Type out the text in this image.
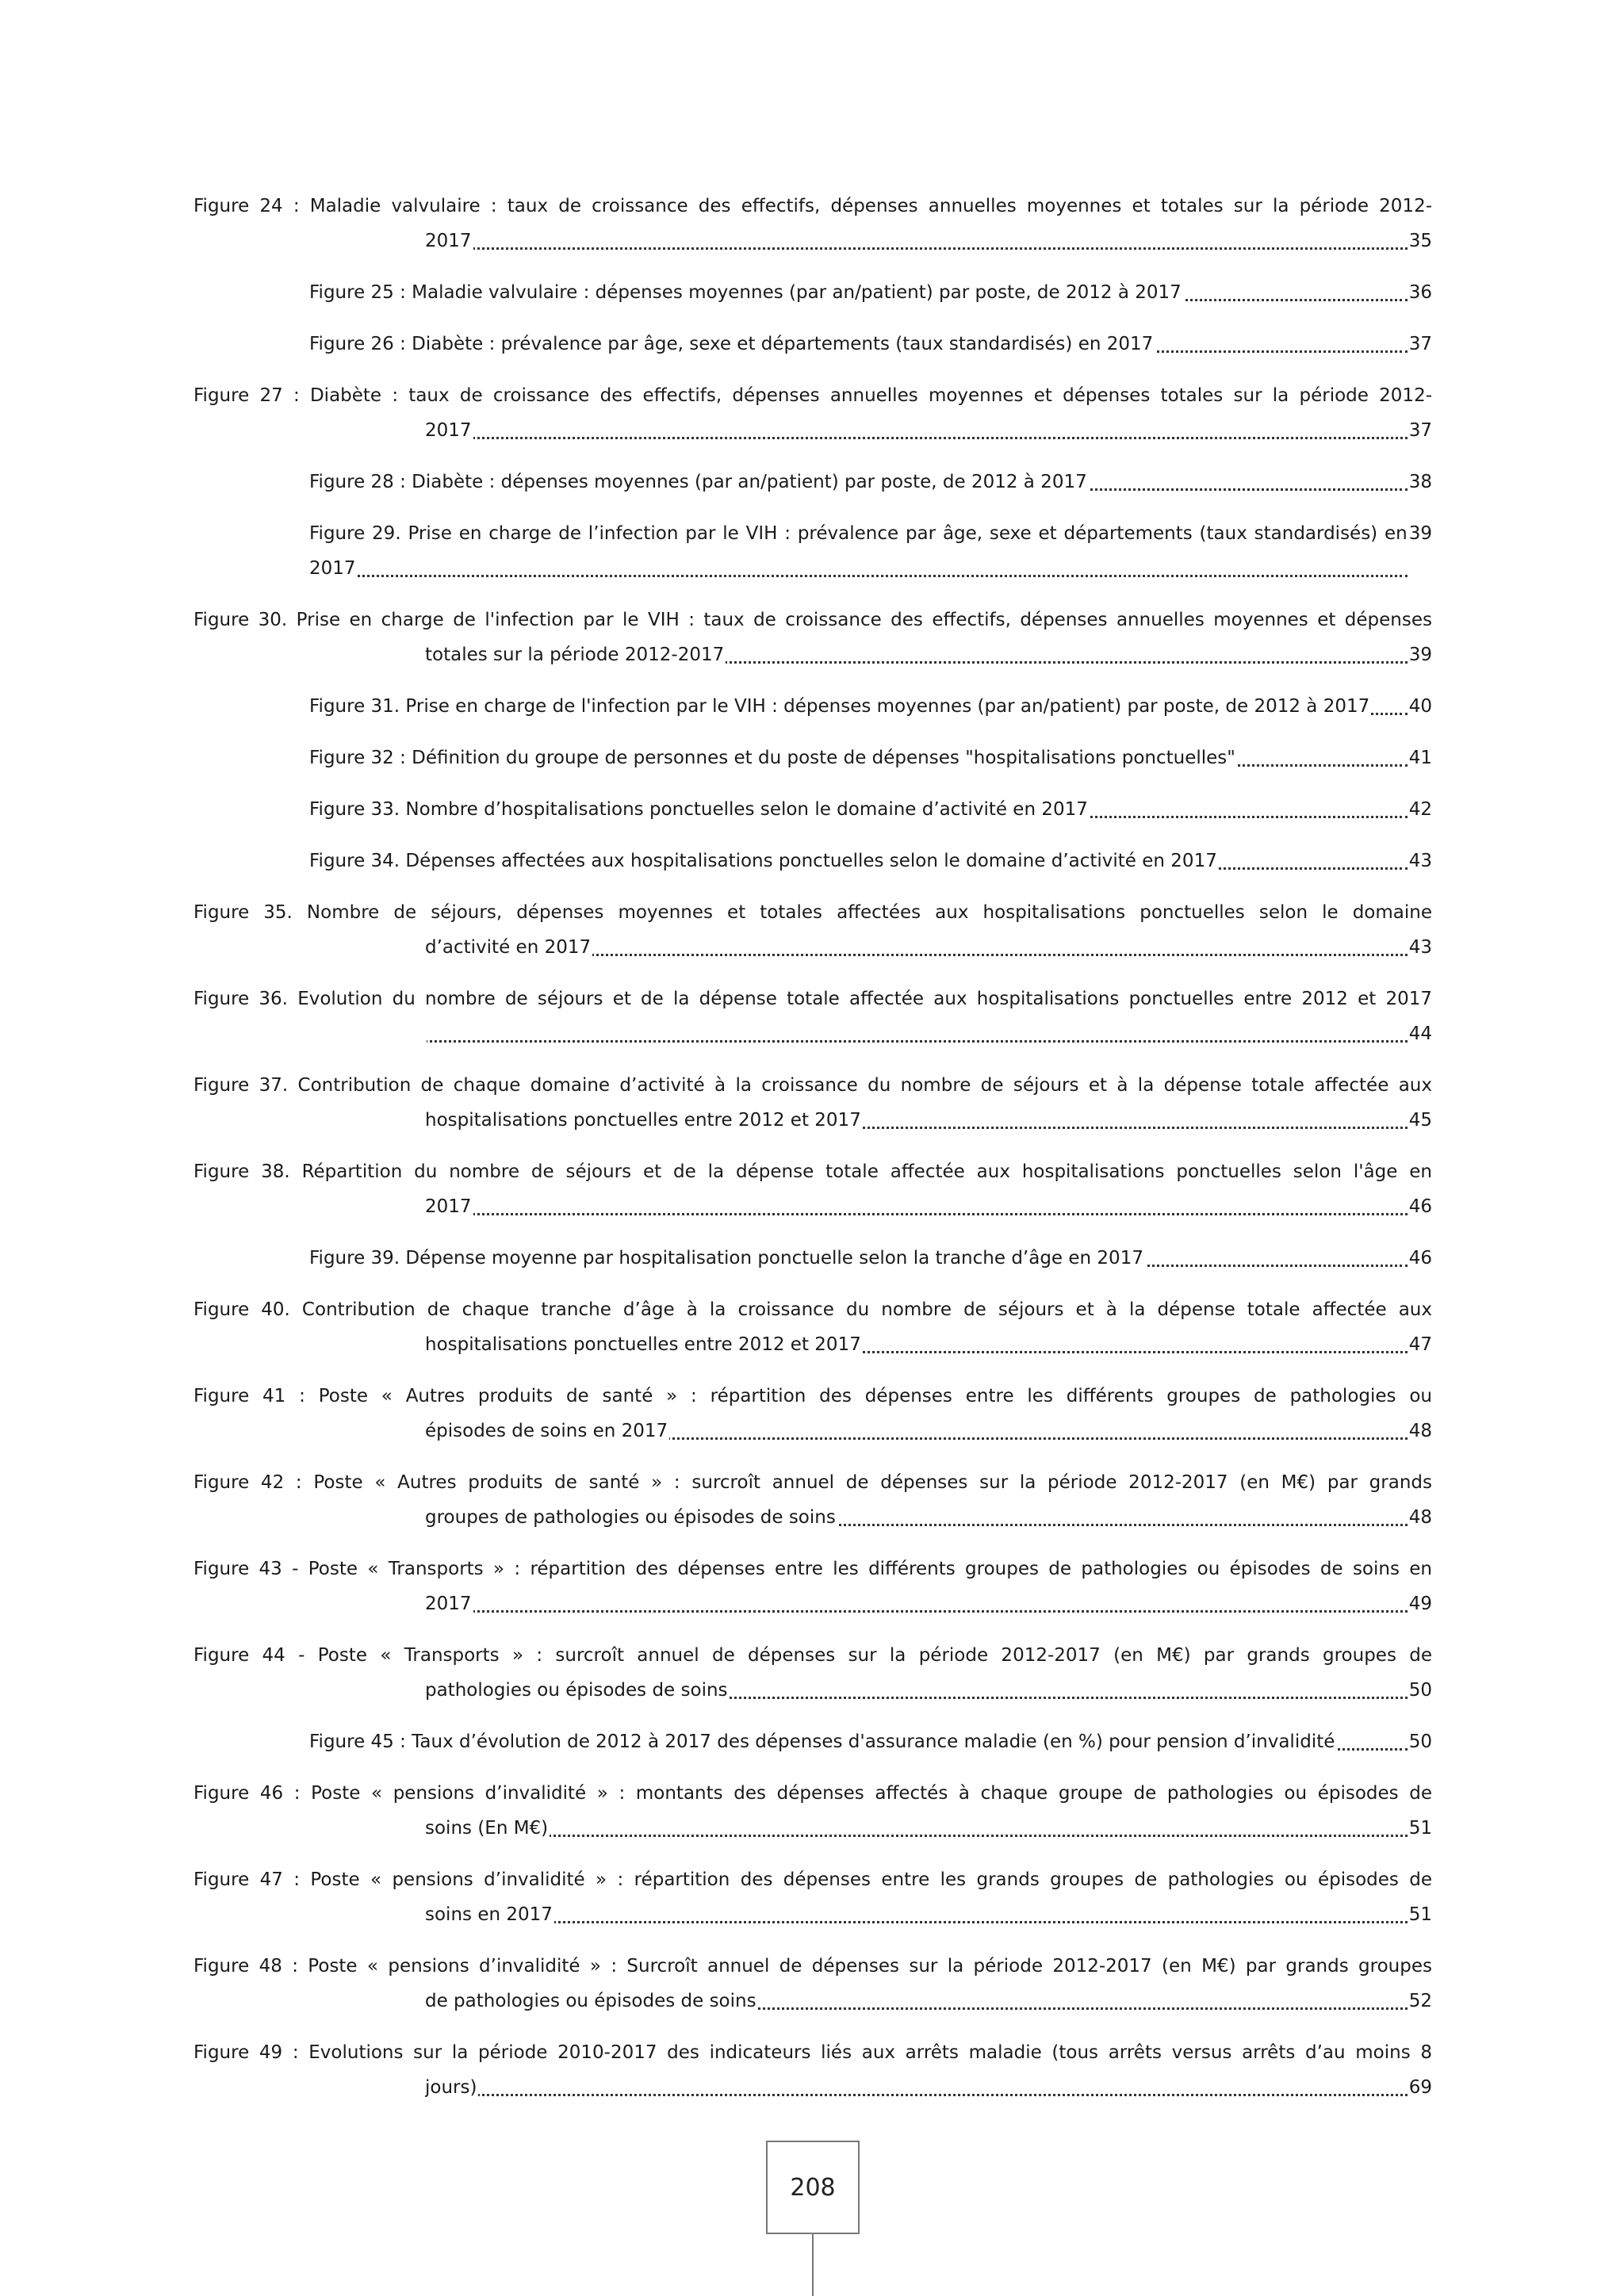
Figure 24 : Maladie valvulaire : taux de croissance des effectifs, dépenses annuelles moyennes et totales sur la période 2012-
35
2017
36
Figure 25 : Maladie valvulaire : dépenses moyennes (par an/patient) par poste, de 2012 à 2017
37
Figure 26 : Diabète : prévalence par âge, sexe et départements (taux standardisés) en 2017
Figure 27 : Diabète : taux de croissance des effectifs, dépenses annuelles moyennes et dépenses totales sur la période 2012-
37
2017
38
Figure 28 : Diabète : dépenses moyennes (par an/patient) par poste, de 2012 à 2017
39
Figure 29. Prise en charge de l’infection par le VIH : prévalence par âge, sexe et départements (taux standardisés) en 2017
Figure 30. Prise en charge de l'infection par le VIH : taux de croissance des effectifs, dépenses annuelles moyennes et dépenses
39
totales sur la période 2012-2017
40
Figure 31. Prise en charge de l'infection par le VIH : dépenses moyennes (par an/patient) par poste, de 2012 à 2017
41
Figure 32 : Définition du groupe de personnes et du poste de dépenses "hospitalisations ponctuelles"
42
Figure 33. Nombre d’hospitalisations ponctuelles selon le domaine d’activité en 2017
43
Figure 34. Dépenses affectées aux hospitalisations ponctuelles selon le domaine d’activité en 2017
Figure 35. Nombre de séjours, dépenses moyennes et totales affectées aux hospitalisations ponctuelles selon le domaine
43
d’activité en 2017
Figure 36. Evolution du nombre de séjours et de la dépense totale affectée aux hospitalisations ponctuelles entre 2012 et 2017
44
Figure 37. Contribution de chaque domaine d’activité à la croissance du nombre de séjours et à la dépense totale affectée aux
45
hospitalisations ponctuelles entre 2012 et 2017
Figure 38. Répartition du nombre de séjours et de la dépense totale affectée aux hospitalisations ponctuelles selon l'âge en
46
2017
46
Figure 39. Dépense moyenne par hospitalisation ponctuelle selon la tranche d’âge en 2017
Figure 40. Contribution de chaque tranche d’âge à la croissance du nombre de séjours et à la dépense totale affectée aux
47
hospitalisations ponctuelles entre 2012 et 2017
Figure 41 : Poste « Autres produits de santé » : répartition des dépenses entre les différents groupes de pathologies ou
48
épisodes de soins en 2017
Figure 42 : Poste « Autres produits de santé » : surcroît annuel de dépenses sur la période 2012-2017 (en M€) par grands
48
groupes de pathologies ou épisodes de soins
Figure 43 - Poste « Transports » : répartition des dépenses entre les différents groupes de pathologies ou épisodes de soins en
49
2017
Figure 44 - Poste « Transports » : surcroît annuel de dépenses sur la période 2012-2017 (en M€) par grands groupes de
50
pathologies ou épisodes de soins
50
Figure 45 : Taux d’évolution de 2012 à 2017 des dépenses d'assurance maladie (en %) pour pension d’invalidité
Figure 46 : Poste « pensions d’invalidité » : montants des dépenses affectés à chaque groupe de pathologies ou épisodes de
51
soins (En M€)
Figure 47 : Poste « pensions d’invalidité » : répartition des dépenses entre les grands groupes de pathologies ou épisodes de
51
soins en 2017
Figure 48 : Poste « pensions d’invalidité » : Surcroît annuel de dépenses sur la période 2012-2017 (en M€) par grands groupes
52
de pathologies ou épisodes de soins
Figure 49 : Evolutions sur la période 2010-2017 des indicateurs liés aux arrêts maladie (tous arrêts versus arrêts d’au moins 8
69
jours)
208
